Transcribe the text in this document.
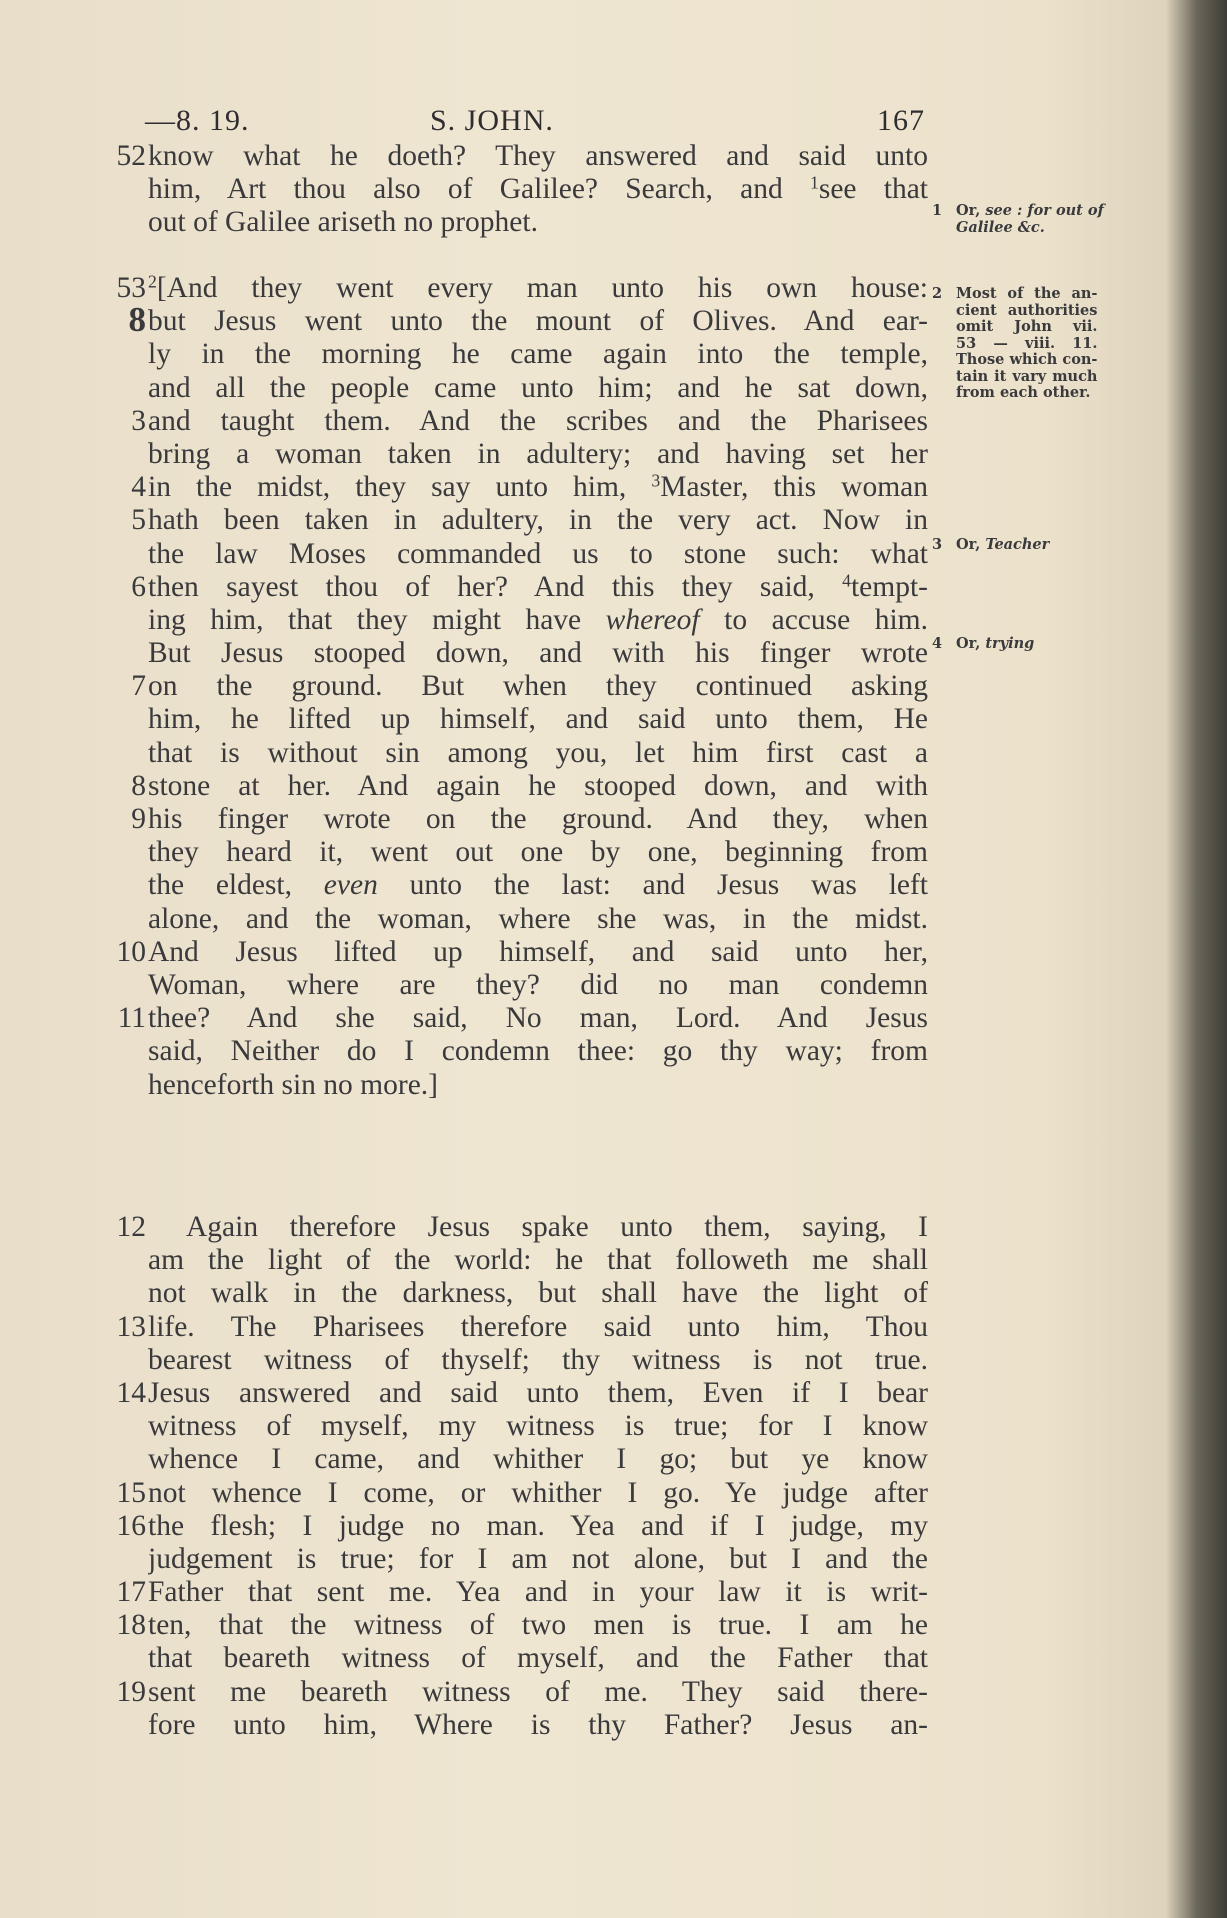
—8. 19.	S. JOHN.	167
52 know what he doeth? They answered and said unto
him, Art thou also of Galilee? Search, and $^1$see that
out of Galilee ariseth no prophet.
53 $^2$[And they went every man unto his own house:
8 but Jesus went unto the mount of Olives. And ear-
ly in the morning he came again into the temple,
and all the people came unto him; and he sat down,
3 and taught them. And the scribes and the Pharisees
bring a woman taken in adultery; and having set her
4 in the midst, they say unto him, $^3$Master, this woman
5 hath been taken in adultery, in the very act. Now in
the law Moses commanded us to stone such: what
6 then sayest thou of her? And this they said, $^4$tempt-
ing him, that they might have whereof to accuse him.
But Jesus stooped down, and with his finger wrote
7 on the ground. But when they continued asking
him, he lifted up himself, and said unto them, He
that is without sin among you, let him first cast a
8 stone at her. And again he stooped down, and with
9 his finger wrote on the ground. And they, when
they heard it, went out one by one, beginning from
the eldest, even unto the last: and Jesus was left
alone, and the woman, where she was, in the midst.
10 And Jesus lifted up himself, and said unto her,
Woman, where are they? did no man condemn
11 thee? And she said, No man, Lord. And Jesus
said, Neither do I condemn thee: go thy way; from
henceforth sin no more.]
12	Again therefore Jesus spake unto them, saying, I
am the light of the world: he that followeth me shall
not walk in the darkness, but shall have the light of
13 life. The Pharisees therefore said unto him, Thou
bearest witness of thyself; thy witness is not true.
14 Jesus answered and said unto them, Even if I bear
witness of myself, my witness is true; for I know
whence I came, and whither I go; but ye know
15 not whence I come, or whither I go. Ye judge after
16 the flesh; I judge no man. Yea and if I judge, my
judgement is true; for I am not alone, but I and the
17 Father that sent me. Yea and in your law it is writ-
18 ten, that the witness of two men is true. I am he
that beareth witness of myself, and the Father that
19 sent me beareth witness of me. They said there-
fore unto him, Where is thy Father? Jesus an-
1 Or, see : for out of Galilee &c.
2 Most of the an-
cient authorities
omit John vii.
53 — viii. 11.
Those which con-
tain it vary much
from each other.
3 Or, Teacher
4 Or, trying
